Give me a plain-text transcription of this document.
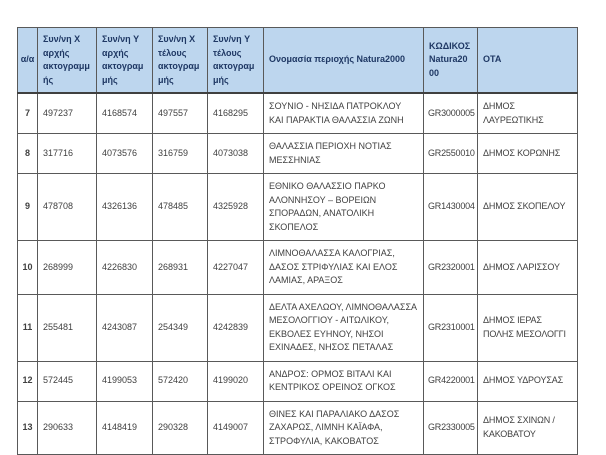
α/α	Συν/νη X αρχής ακτογραμμής	Συν/νη Y αρχής ακτογραμμής	Συν/νη X τέλους ακτογραμμής	Συν/νη Y τέλους ακτογραμμής	Ονομασία περιοχής Natura2000	ΚΩΔΙΚΟΣ Natura2000	ΟΤΑ
7	497237	4168574	497557	4168295	ΣΟΥΝΙΟ - ΝΗΣΙΔΑ ΠΑΤΡΟΚΛΟΥ ΚΑΙ ΠΑΡΑΚΤΙΑ ΘΑΛΑΣΣΙΑ ΖΩΝΗ	GR3000005	ΔΗΜΟΣ ΛΑΥΡΕΩΤΙΚΗΣ
8	317716	4073576	316759	4073038	ΘΑΛΑΣΣΙΑ ΠΕΡΙΟΧΗ ΝΟΤΙΑΣ ΜΕΣΣΗΝΙΑΣ	GR2550010	ΔΗΜΟΣ ΚΟΡΩΝΗΣ
9	478708	4326136	478485	4325928	ΕΘΝΙΚΟ ΘΑΛΑΣΣΙΟ ΠΑΡΚΟ ΑΛΟΝΝΗΣΟΥ – ΒΟΡΕΙΩΝ ΣΠΟΡΑΔΩΝ, ΑΝΑΤΟΛΙΚΗ ΣΚΟΠΕΛΟΣ	GR1430004	ΔΗΜΟΣ ΣΚΟΠΕΛΟΥ
10	268999	4226830	268931	4227047	ΛΙΜΝΟΘΑΛΑΣΣΑ ΚΑΛΟΓΡΙΑΣ, ΔΑΣΟΣ ΣΤΡΙΦΥΛΙΑΣ ΚΑΙ ΕΛΟΣ ΛΑΜΙΑΣ, ΑΡΑΞΟΣ	GR2320001	ΔΗΜΟΣ ΛΑΡΙΣΣΟΥ
11	255481	4243087	254349	4242839	ΔΕΛΤΑ ΑΧΕΛΩΟΥ, ΛΙΜΝΟΘΑΛΑΣΣΑ ΜΕΣΟΛΟΓΓΙΟΥ - ΑΙΤΩΛΙΚΟΥ, ΕΚΒΟΛΕΣ ΕΥΗΝΟΥ, ΝΗΣΟΙ ΕΧΙΝΑΔΕΣ, ΝΗΣΟΣ ΠΕΤΑΛΑΣ	GR2310001	ΔΗΜΟΣ ΙΕΡΑΣ ΠΟΛΗΣ ΜΕΣΟΛΟΓΓΙ
12	572445	4199053	572420	4199020	ΑΝΔΡΟΣ: ΟΡΜΟΣ ΒΙΤΑΛΙ ΚΑΙ ΚΕΝΤΡΙΚΟΣ ΟΡΕΙΝΟΣ ΟΓΚΟΣ	GR4220001	ΔΗΜΟΣ ΥΔΡΟΥΣΑΣ
13	290633	4148419	290328	4149007	ΘΙΝΕΣ ΚΑΙ ΠΑΡΑΛΙΑΚΟ ΔΑΣΟΣ ΖΑΧΑΡΩΣ, ΛΙΜΝΗ ΚΑΪΑΦΑ, ΣΤΡΟΦΥΛΙΑ, ΚΑΚΟΒΑΤΟΣ	GR2330005	ΔΗΜΟΣ ΣΧΙΝΩΝ / ΚΑΚΟΒΑΤΟΥ
